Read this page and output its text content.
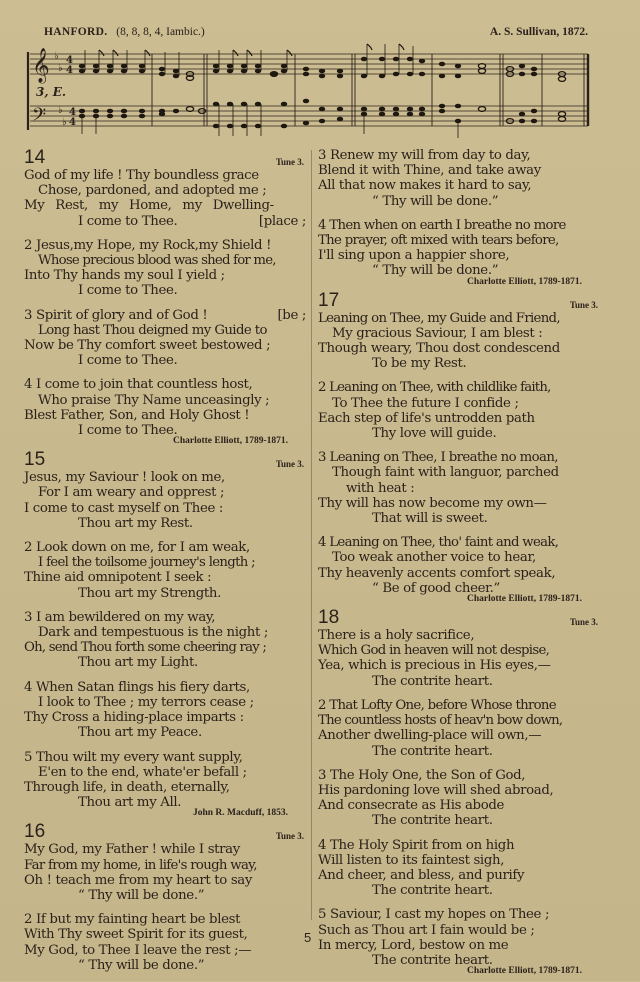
HANFORD. (8, 8, 8, 4, Iambic.)	A. S. Sullivan, 1872.
𝄞
𝄢
♭
♭
♭
♭
4
4
4
4
3, E.
14	Tune 3.
God of my life ! Thy boundless grace
Chose, pardoned, and adopted me ;
My Rest, my Home, my Dwelling-
I come to Thee.	[place ;
2 Jesus,my Hope, my Rock,my Shield !
Whose precious blood was shed for me,
Into Thy hands my soul I yield ;
I come to Thee.
3 Spirit of glory and of God !	[be ;
Long hast Thou deigned my Guide to
Now be Thy comfort sweet bestowed ;
I come to Thee.
4 I come to join that countless host,
Who praise Thy Name unceasingly ;
Blest Father, Son, and Holy Ghost !
I come to Thee.
Charlotte Elliott, 1789-1871.
15	Tune 3.
Jesus, my Saviour ! look on me,
For I am weary and opprest ;
I come to cast myself on Thee :
Thou art my Rest.
2 Look down on me, for I am weak,
I feel the toilsome journey's length ;
Thine aid omnipotent I seek :
Thou art my Strength.
3 I am bewildered on my way,
Dark and tempestuous is the night ;
Oh, send Thou forth some cheering ray ;
Thou art my Light.
4 When Satan flings his fiery darts,
I look to Thee ; my terrors cease ;
Thy Cross a hiding-place imparts :
Thou art my Peace.
5 Thou wilt my every want supply,
E'en to the end, whate'er befall ;
Through life, in death, eternally,
Thou art my All.
John R. Macduff, 1853.
16	Tune 3.
My God, my Father ! while I stray
Far from my home, in life's rough way,
Oh ! teach me from my heart to say
“ Thy will be done.”
2 If but my fainting heart be blest
With Thy sweet Spirit for its guest,
My God, to Thee I leave the rest ;—
“ Thy will be done.”
3 Renew my will from day to day,
Blend it with Thine, and take away
All that now makes it hard to say,
“ Thy will be done.”
4 Then when on earth I breathe no more
The prayer, oft mixed with tears before,
I'll sing upon a happier shore,
“ Thy will be done.”
Charlotte Elliott, 1789-1871.
17	Tune 3.
Leaning on Thee, my Guide and Friend,
My gracious Saviour, I am blest :
Though weary, Thou dost condescend
To be my Rest.
2 Leaning on Thee, with childlike faith,
To Thee the future I confide ;
Each step of life's untrodden path
Thy love will guide.
3 Leaning on Thee, I breathe no moan,
Though faint with languor, parched
with heat :
Thy will has now become my own—
That will is sweet.
4 Leaning on Thee, tho' faint and weak,
Too weak another voice to hear,
Thy heavenly accents comfort speak,
“ Be of good cheer.”
Charlotte Elliott, 1789-1871.
18	Tune 3.
There is a holy sacrifice,
Which God in heaven will not despise,
Yea, which is precious in His eyes,—
The contrite heart.
2 That Lofty One, before Whose throne
The countless hosts of heav'n bow down,
Another dwelling-place will own,—
The contrite heart.
3 The Holy One, the Son of God,
His pardoning love will shed abroad,
And consecrate as His abode
The contrite heart.
4 The Holy Spirit from on high
Will listen to its faintest sigh,
And cheer, and bless, and purify
The contrite heart.
5 Saviour, I cast my hopes on Thee ;
Such as Thou art I fain would be ;
In mercy, Lord, bestow on me
The contrite heart.
Charlotte Elliott, 1789-1871.
5
